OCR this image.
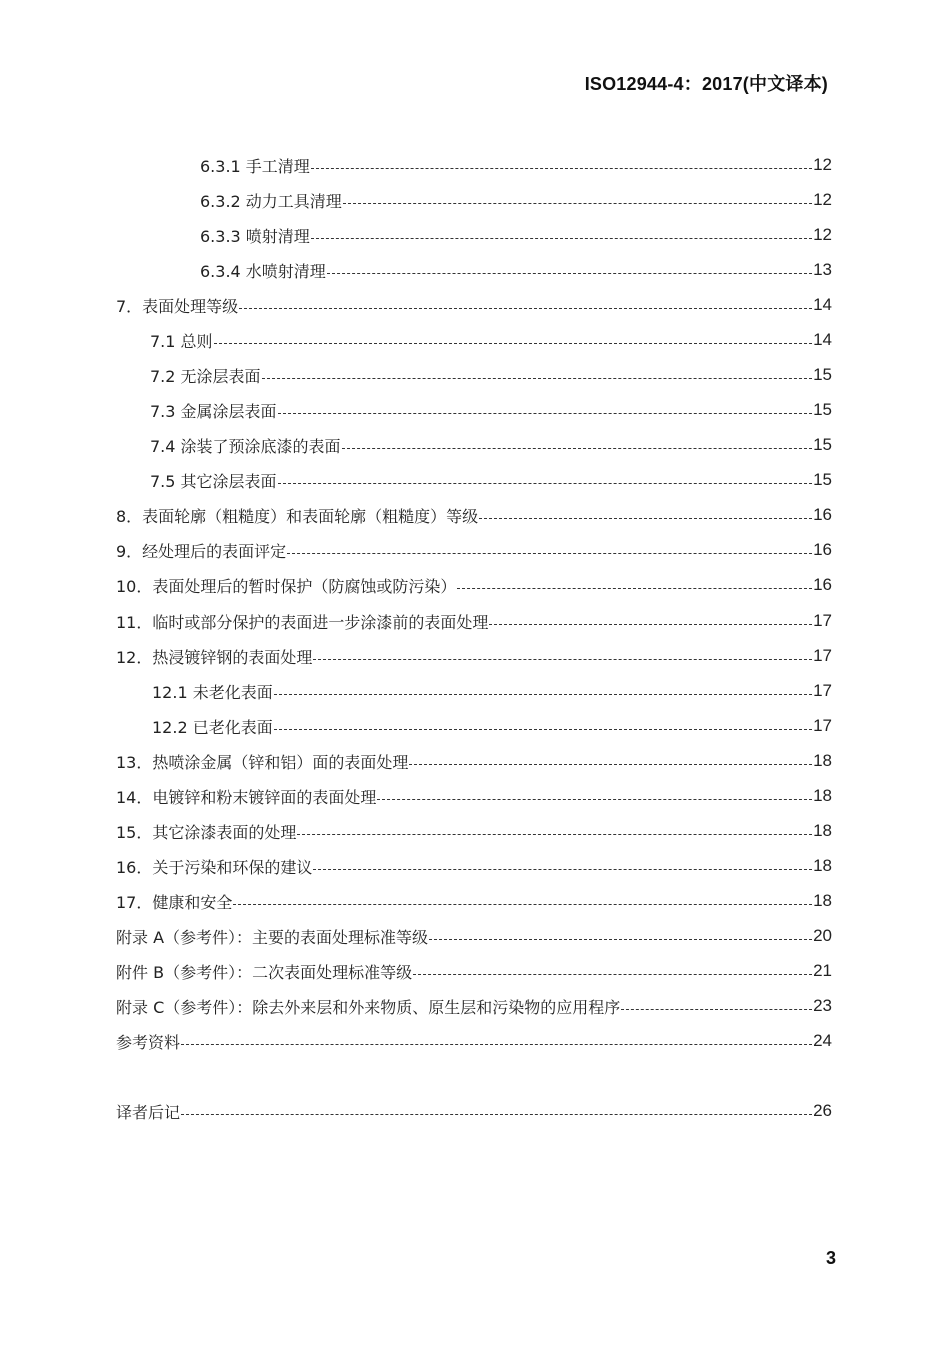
ISO12944-4：2017(中文译本)
6.3.1 手工清理	12
6.3.2 动力工具清理	12
6.3.3 喷射清理	12
6.3.4 水喷射清理	13
7．表面处理等级	14
7.1 总则	14
7.2 无涂层表面	15
7.3 金属涂层表面	15
7.4 涂装了预涂底漆的表面	15
7.5 其它涂层表面	15
8．表面轮廓（粗糙度）和表面轮廓（粗糙度）等级	16
9．经处理后的表面评定	16
10．表面处理后的暂时保护（防腐蚀或防污染）	16
11．临时或部分保护的表面进一步涂漆前的表面处理	17
12．热浸镀锌钢的表面处理	17
12.1 未老化表面	17
12.2 已老化表面	17
13．热喷涂金属（锌和铝）面的表面处理	18
14．电镀锌和粉末镀锌面的表面处理	18
15．其它涂漆表面的处理	18
16．关于污染和环保的建议	18
17．健康和安全	18
附录 A（参考件）：主要的表面处理标准等级	20
附件 B（参考件）：二次表面处理标准等级	21
附录 C（参考件）：除去外来层和外来物质、原生层和污染物的应用程序	23
参考资料	24
译者后记	26
3
